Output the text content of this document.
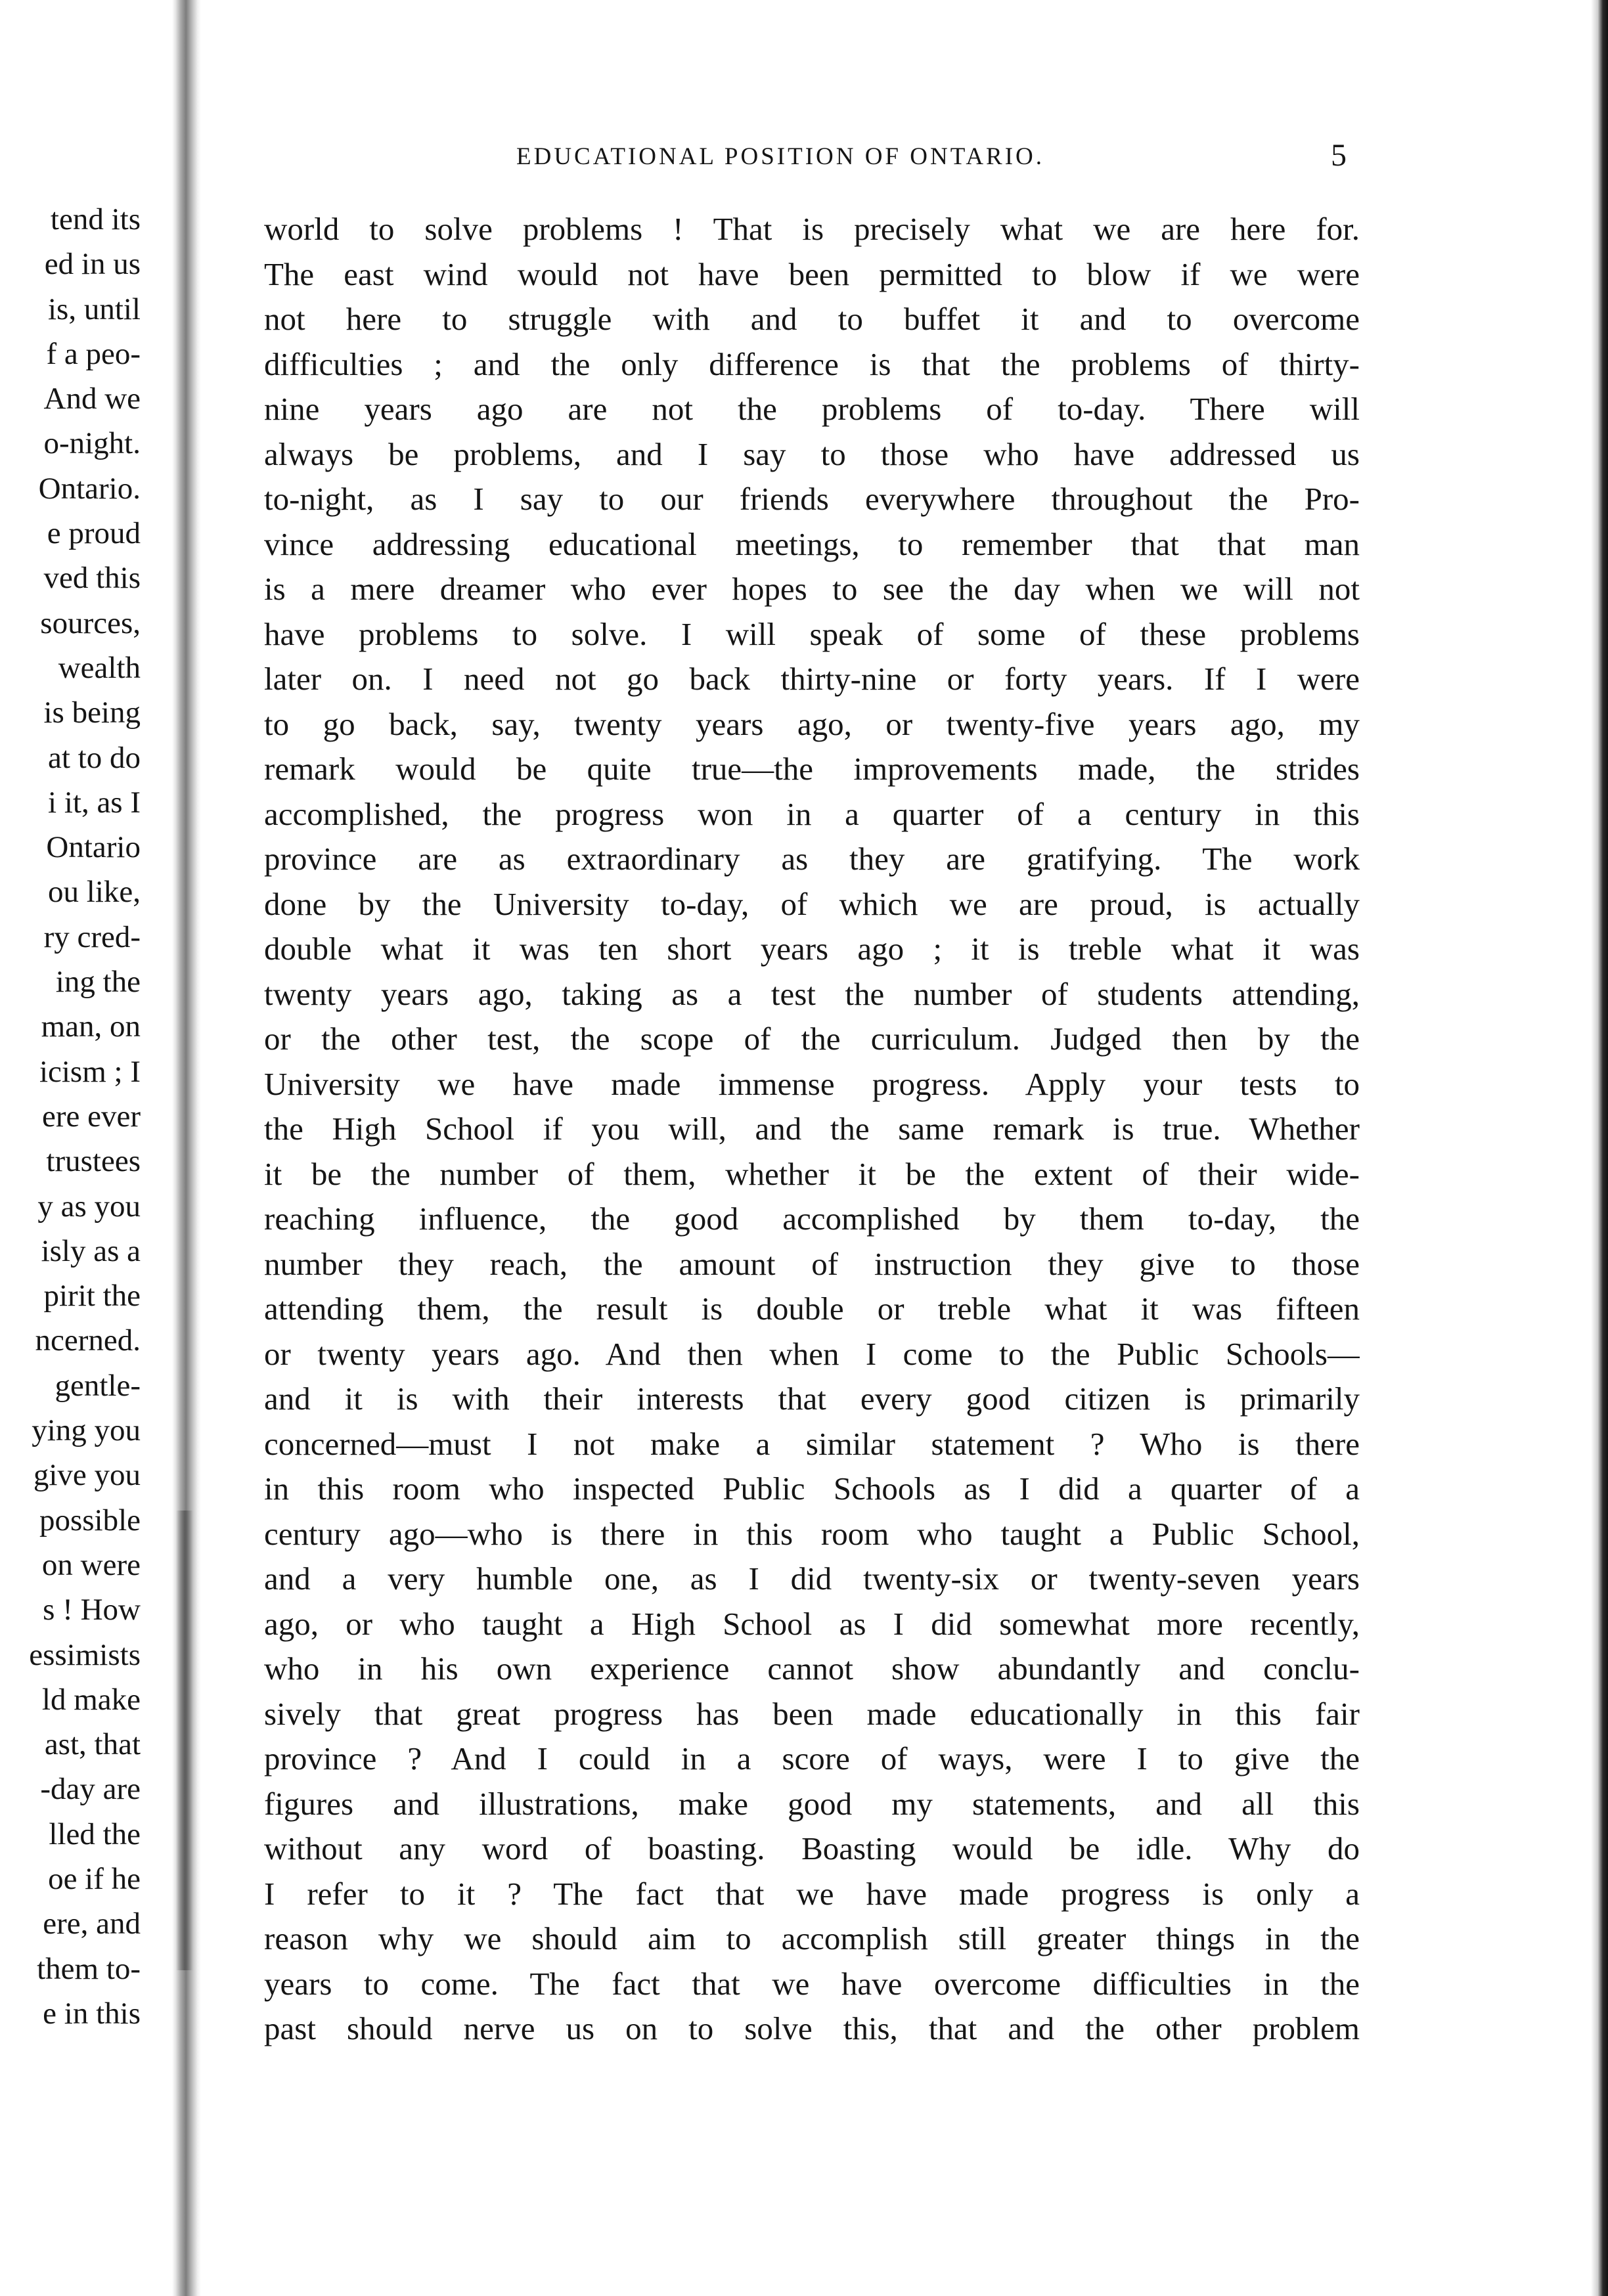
tend its
ed in us
is, until
f a peo-
And we
o-night.
Ontario.
e proud
ved this
sources,
wealth
is being
at to do
i it, as I
Ontario
ou like,
ry cred-
ing the
man, on
icism ; I
ere ever
trustees
y as you
isly as a
pirit the
ncerned.
gentle-
ying you
give you
possible
on were
s ! How
essimists
ld make
ast, that
-day are
lled the
oe if he
ere, and
them to-
e in this
EDUCATIONAL POSITION OF ONTARIO.	5
world to solve problems ! That is precisely what we are here for.
The east wind would not have been permitted to blow if we were
not here to struggle with and to buffet it and to overcome
difficulties ; and the only difference is that the problems of thirty-
nine years ago are not the problems of to-day. There will
always be problems, and I say to those who have addressed us
to-night, as I say to our friends everywhere throughout the Pro-
vince addressing educational meetings, to remember that that man
is a mere dreamer who ever hopes to see the day when we will not
have problems to solve. I will speak of some of these problems
later on. I need not go back thirty-nine or forty years. If I were
to go back, say, twenty years ago, or twenty-five years ago, my
remark would be quite true—the improvements made, the strides
accomplished, the progress won in a quarter of a century in this
province are as extraordinary as they are gratifying. The work
done by the University to-day, of which we are proud, is actually
double what it was ten short years ago ; it is treble what it was
twenty years ago, taking as a test the number of students attending,
or the other test, the scope of the curriculum. Judged then by the
University we have made immense progress. Apply your tests to
the High School if you will, and the same remark is true. Whether
it be the number of them, whether it be the extent of their wide-
reaching influence, the good accomplished by them to-day, the
number they reach, the amount of instruction they give to those
attending them, the result is double or treble what it was fifteen
or twenty years ago. And then when I come to the Public Schools—
and it is with their interests that every good citizen is primarily
concerned—must I not make a similar statement ? Who is there
in this room who inspected Public Schools as I did a quarter of a
century ago—who is there in this room who taught a Public School,
and a very humble one, as I did twenty-six or twenty-seven years
ago, or who taught a High School as I did somewhat more recently,
who in his own experience cannot show abundantly and conclu-
sively that great progress has been made educationally in this fair
province ? And I could in a score of ways, were I to give the
figures and illustrations, make good my statements, and all this
without any word of boasting. Boasting would be idle. Why do
I refer to it ? The fact that we have made progress is only a
reason why we should aim to accomplish still greater things in the
years to come. The fact that we have overcome difficulties in the
past should nerve us on to solve this, that and the other problem
